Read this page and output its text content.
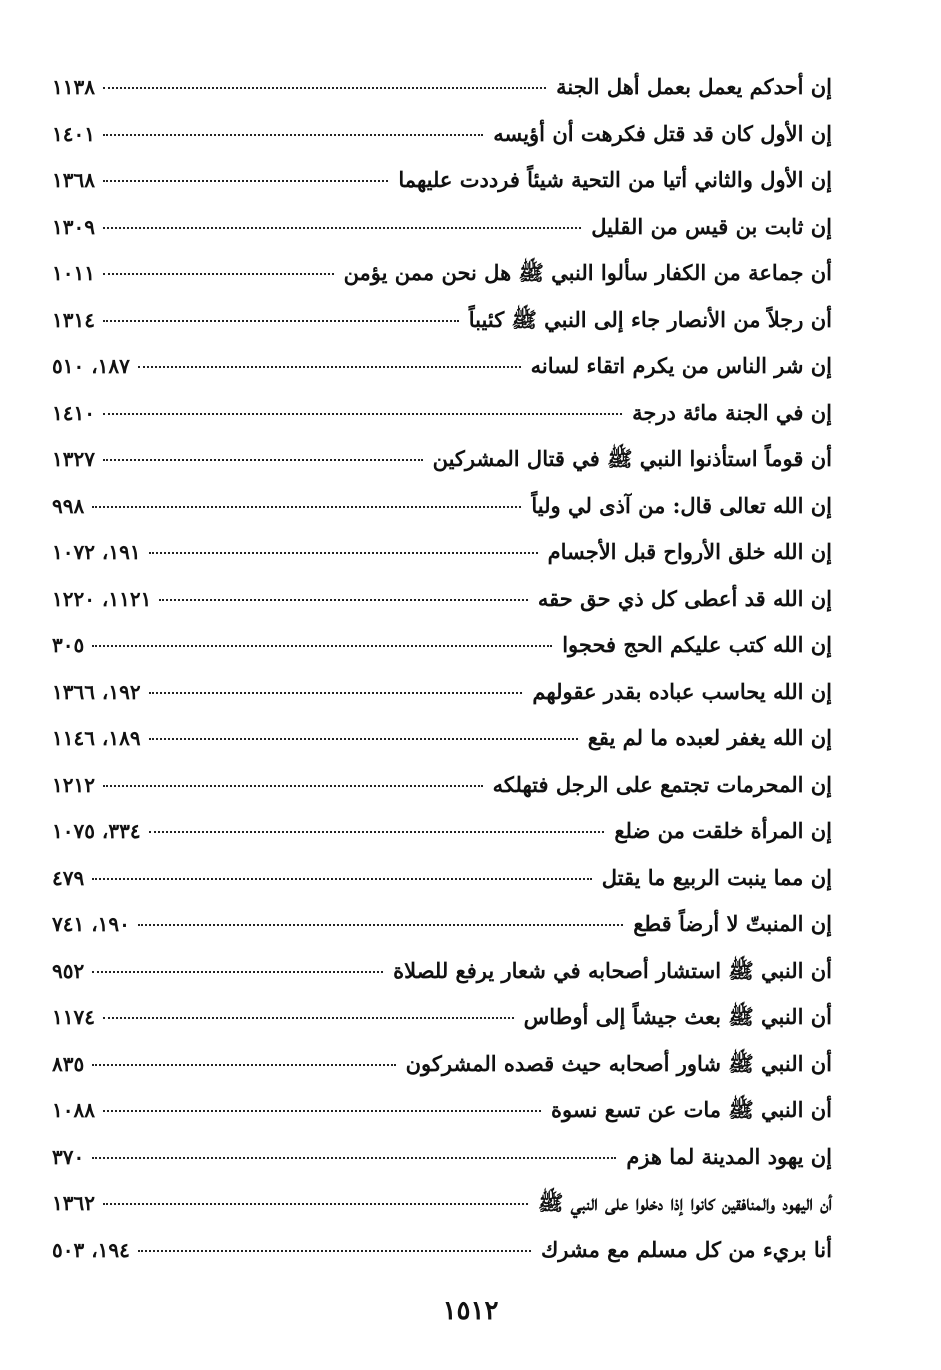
إن أحدكم يعمل بعمل أهل الجنة
١١٣٨
إن الأول كان قد قتل فكرهت أن أؤيسه
١٤٠١
إن الأول والثاني أتيا من التحية شيئاً فرددت عليهما
١٣٦٨
إن ثابت بن قيس من القليل
١٣٠٩
أن جماعة من الكفار سألوا النبي ﷺ هل نحن ممن يؤمن
١٠١١
أن رجلاً من الأنصار جاء إلى النبي ﷺ كئيباً
١٣١٤
إن شر الناس من يكرم اتقاء لسانه
١٨٧، ٥١٠
إن في الجنة مائة درجة
١٤١٠
أن قوماً استأذنوا النبي ﷺ في قتال المشركين
١٣٢٧
إن الله تعالى قال: من آذى لي ولياً
٩٩٨
إن الله خلق الأرواح قبل الأجسام
١٩١، ١٠٧٢
إن الله قد أعطى كل ذي حق حقه
١١٢١، ١٢٢٠
إن الله كتب عليكم الحج فحجوا
٣٠٥
إن الله يحاسب عباده بقدر عقولهم
١٩٢، ١٣٦٦
إن الله يغفر لعبده ما لم يقع
١٨٩، ١١٤٦
إن المحرمات تجتمع على الرجل فتهلكه
١٢١٢
إن المرأة خلقت من ضلع
٣٣٤، ١٠٧٥
إن مما ينبت الربيع ما يقتل
٤٧٩
إن المنبتّ لا أرضاً قطع
١٩٠، ٧٤١
أن النبي ﷺ استشار أصحابه في شعار يرفع للصلاة
٩٥٢
أن النبي ﷺ بعث جيشاً إلى أوطاس
١١٧٤
أن النبي ﷺ شاور أصحابه حيث قصده المشركون
٨٣٥
أن النبي ﷺ مات عن تسع نسوة
١٠٨٨
إن يهود المدينة لما هزم
٣٧٠
أن اليهود والمنافقين كانوا إذا دخلوا على النبي ﷺ
١٣٦٢
أنا بريء من كل مسلم مع مشرك
١٩٤، ٥٠٣
١٥١٢
